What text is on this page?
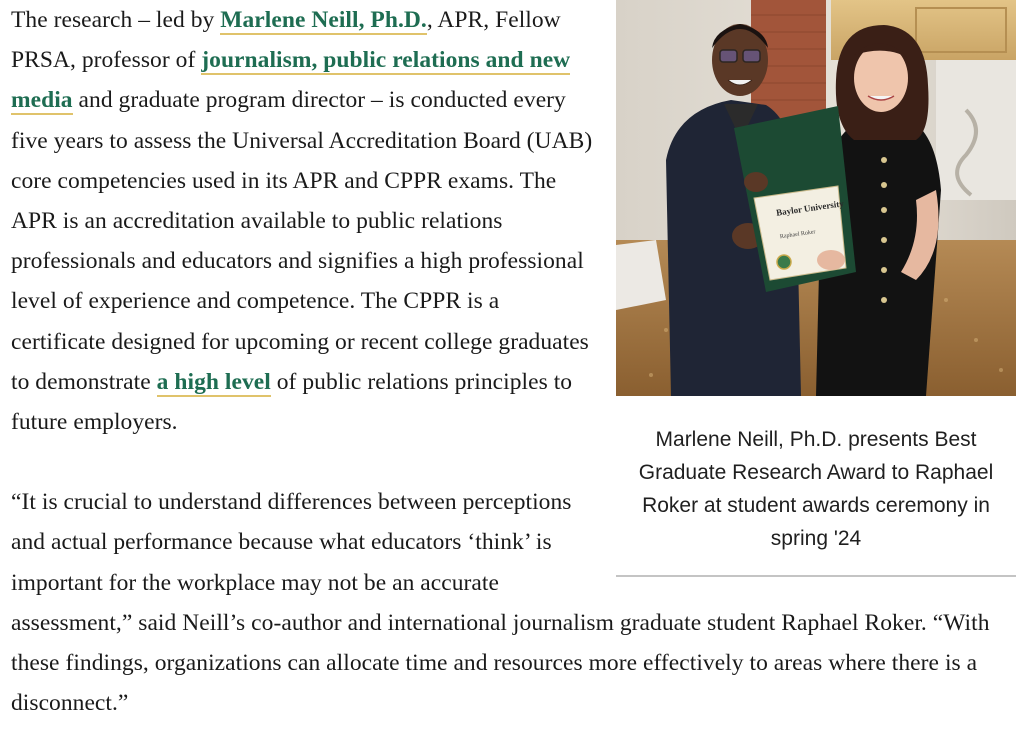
Baylor University
Raphael Roker

Marlene Neill, Ph.D. presents Best Graduate Research Award to Raphael Roker at student awards ceremony in spring '24

The research – led by Marlene Neill, Ph.D., APR, Fellow PRSA, professor of journalism, public relations and new media and graduate program director – is conducted every five years to assess the Universal Accreditation Board (UAB) core competencies used in its APR and CPPR exams. The APR is an accreditation available to public relations professionals and educators and signifies a high professional level of experience and competence. The CPPR is a certificate designed for upcoming or recent college graduates to demonstrate a high level of public relations principles to future employers.

“It is crucial to understand differences between perceptions and actual performance because what educators ‘think’ is important for the workplace may not be an accurate assessment,” said Neill’s co-author and international journalism graduate student Raphael Roker. “With these findings, organizations can allocate time and resources more effectively to areas where there is a disconnect.”
